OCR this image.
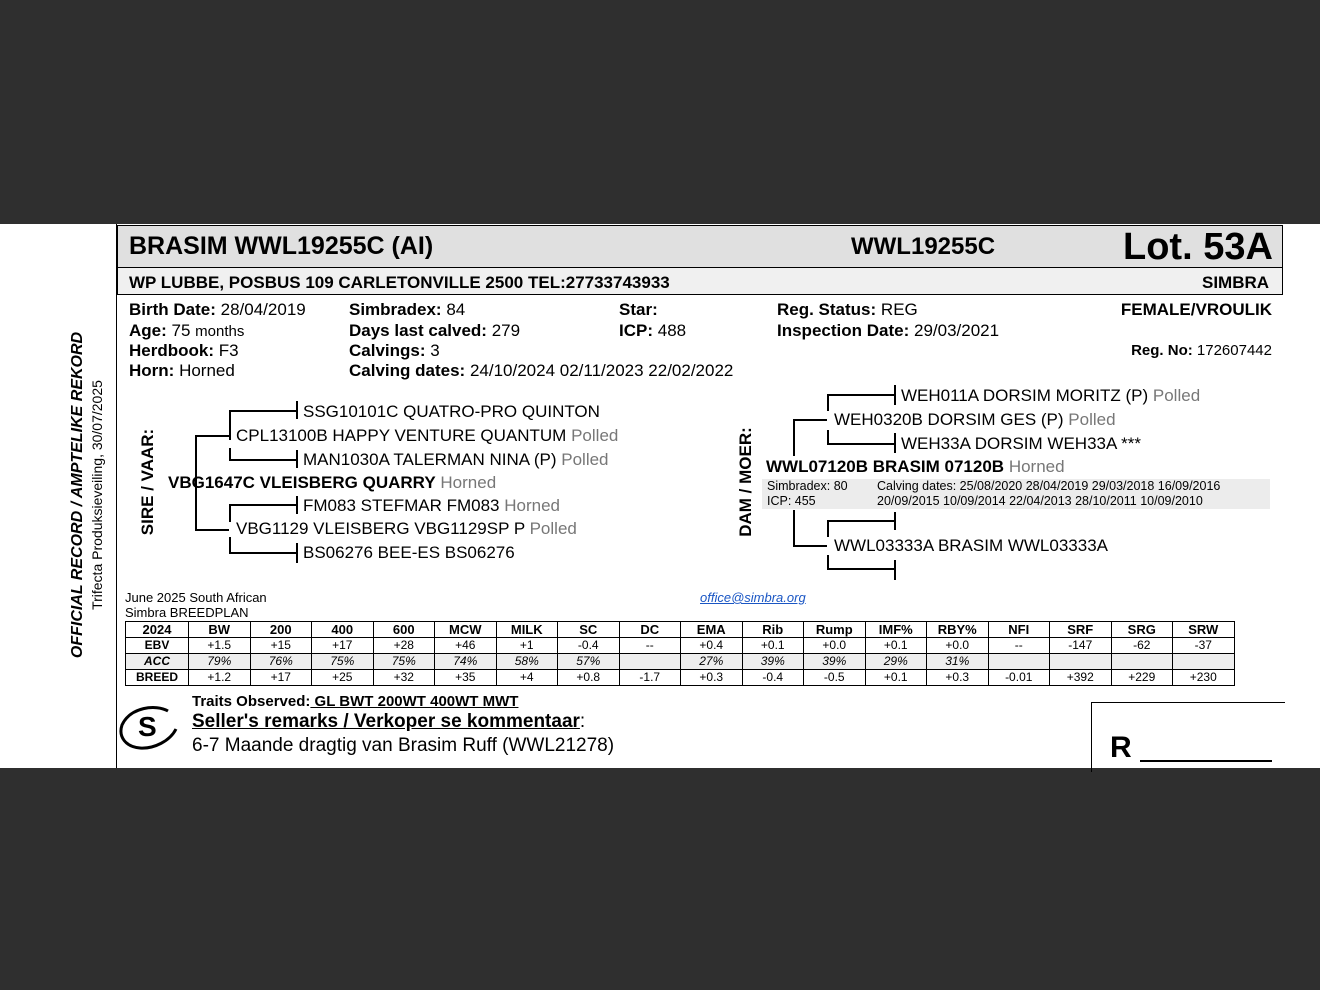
OFFICIAL RECORD / AMPTELIKE REKORD Trifecta Produksieveiling, 30/07/2025
BRASIM WWL19255C (AI)	WWL19255C	Lot. 53A
WP LUBBE, POSBUS 109 CARLETONVILLE 2500 TEL:27733743933	SIMBRA
Birth Date: 28/04/2019
Age: 75 months
Herdbook: F3
Horn: Horned
Simbradex: 84
Days last calved: 279
Calvings: 3
Calving dates: 24/10/2024 02/11/2023 22/02/2022
Star:
ICP: 488
Reg. Status: REG
Inspection Date: 29/03/2021
FEMALE/VROULIK
Reg. No: 172607442
SIRE / VAAR:
SSG10101C QUATRO-PRO QUINTON
CPL13100B HAPPY VENTURE QUANTUM Polled
MAN1030A TALERMAN NINA (P) Polled
VBG1647C VLEISBERG QUARRY Horned
FM083 STEFMAR FM083 Horned
VBG1129 VLEISBERG VBG1129SP P Polled
BS06276 BEE-ES BS06276
DAM / MOER:
WEH011A DORSIM MORITZ (P) Polled
WEH0320B DORSIM GES (P) Polled
WEH33A DORSIM WEH33A ***
WWL07120B BRASIM 07120B Horned
Simbradex: 80
ICP: 455
Calving dates: 25/08/2020 28/04/2019 29/03/2018 16/09/2016
20/09/2015 10/09/2014 22/04/2013 28/10/2011 10/09/2010
WWL03333A BRASIM WWL03333A
June 2025 South African
Simbra BREEDPLAN
office@simbra.org
2024	BW	200	400	600	MCW	MILK	SC	DC	EMA	Rib	Rump	IMF%	RBY%	NFI	SRF	SRG	SRW
EBV	+1.5	+15	+17	+28	+46	+1	-0.4	--	+0.4	+0.1	+0.0	+0.1	+0.0	--	-147	-62	-37
ACC	79%	76%	75%	75%	74%	58%	57%		27%	39%	39%	29%	31%				
BREED	+1.2	+17	+25	+32	+35	+4	+0.8	-1.7	+0.3	-0.4	-0.5	+0.1	+0.3	-0.01	+392	+229	+230
S
Traits Observed: GL BWT 200WT 400WT MWT
Seller's remarks / Verkoper se kommentaar:
6-7 Maande dragtig van Brasim Ruff (WWL21278)	R
